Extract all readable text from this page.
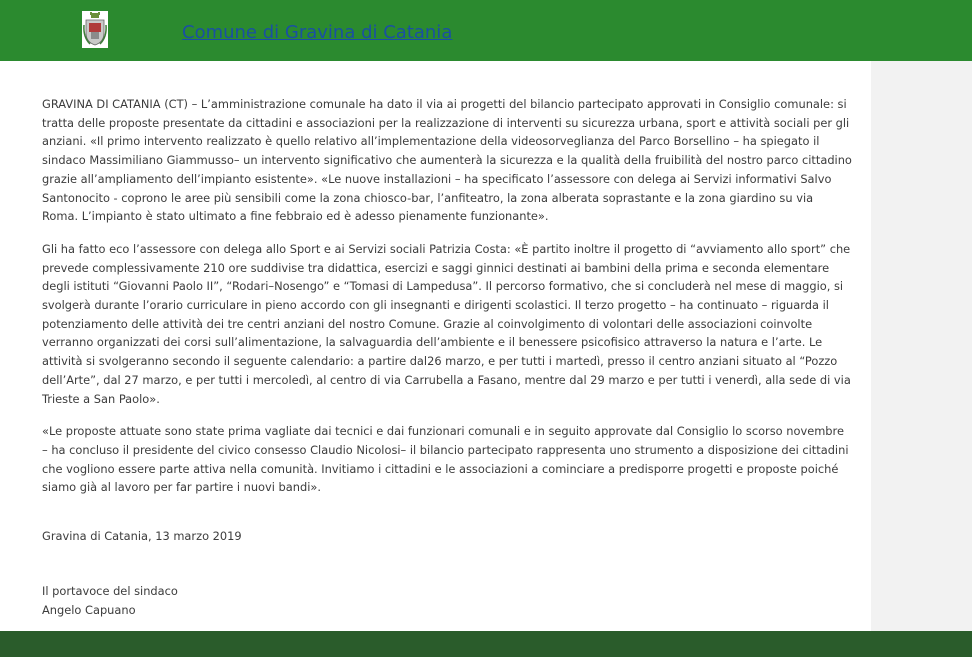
Comune di Gravina di Catania

GRAVINA DI CATANIA (CT) – L’amministrazione comunale ha dato il via ai progetti del bilancio partecipato approvati in Consiglio comunale: si tratta delle proposte presentate da cittadini e associazioni per la realizzazione di interventi su sicurezza urbana, sport e attività sociali per gli anziani. «Il primo intervento realizzato è quello relativo all’implementazione della videosorveglianza del Parco Borsellino – ha spiegato il sindaco Massimiliano Giammusso– un intervento significativo che aumenterà la sicurezza e la qualità della fruibilità del nostro parco cittadino grazie all’ampliamento dell’impianto esistente». «Le nuove installazioni – ha specificato l’assessore con delega ai Servizi informativi Salvo Santonocito - coprono le aree più sensibili come la zona chiosco-bar, l’anfiteatro, la zona alberata soprastante e la zona giardino su via Roma. L’impianto è stato ultimato a fine febbraio ed è adesso pienamente funzionante».

Gli ha fatto eco l’assessore con delega allo Sport e ai Servizi sociali Patrizia Costa: «È partito inoltre il progetto di “avviamento allo sport” che prevede complessivamente 210 ore suddivise tra didattica, esercizi e saggi ginnici destinati ai bambini della prima e seconda elementare degli istituti “Giovanni Paolo II”, “Rodari–Nosengo” e “Tomasi di Lampedusa”. Il percorso formativo, che si concluderà nel mese di maggio, si svolgerà durante l’orario curriculare in pieno accordo con gli insegnanti e dirigenti scolastici. Il terzo progetto – ha continuato – riguarda il potenziamento delle attività dei tre centri anziani del nostro Comune. Grazie al coinvolgimento di volontari delle associazioni coinvolte verranno organizzati dei corsi sull’alimentazione, la salvaguardia dell’ambiente e il benessere psicofisico attraverso la natura e l’arte. Le attività si svolgeranno secondo il seguente calendario: a partire dal26 marzo, e per tutti i martedì, presso il centro anziani situato al “Pozzo dell’Arte”, dal 27 marzo, e per tutti i mercoledì, al centro di via Carrubella a Fasano, mentre dal 29 marzo e per tutti i venerdì, alla sede di via Trieste a San Paolo».

«Le proposte attuate sono state prima vagliate dai tecnici e dai funzionari comunali e in seguito approvate dal Consiglio lo scorso novembre – ha concluso il presidente del civico consesso Claudio Nicolosi– il bilancio partecipato rappresenta uno strumento a disposizione dei cittadini che vogliono essere parte attiva nella comunità. Invitiamo i cittadini e le associazioni a cominciare a predisporre progetti e proposte poiché siamo già al lavoro per far partire i nuovi bandi».

Gravina di Catania, 13 marzo 2019

Il portavoce del sindaco
Angelo Capuano
